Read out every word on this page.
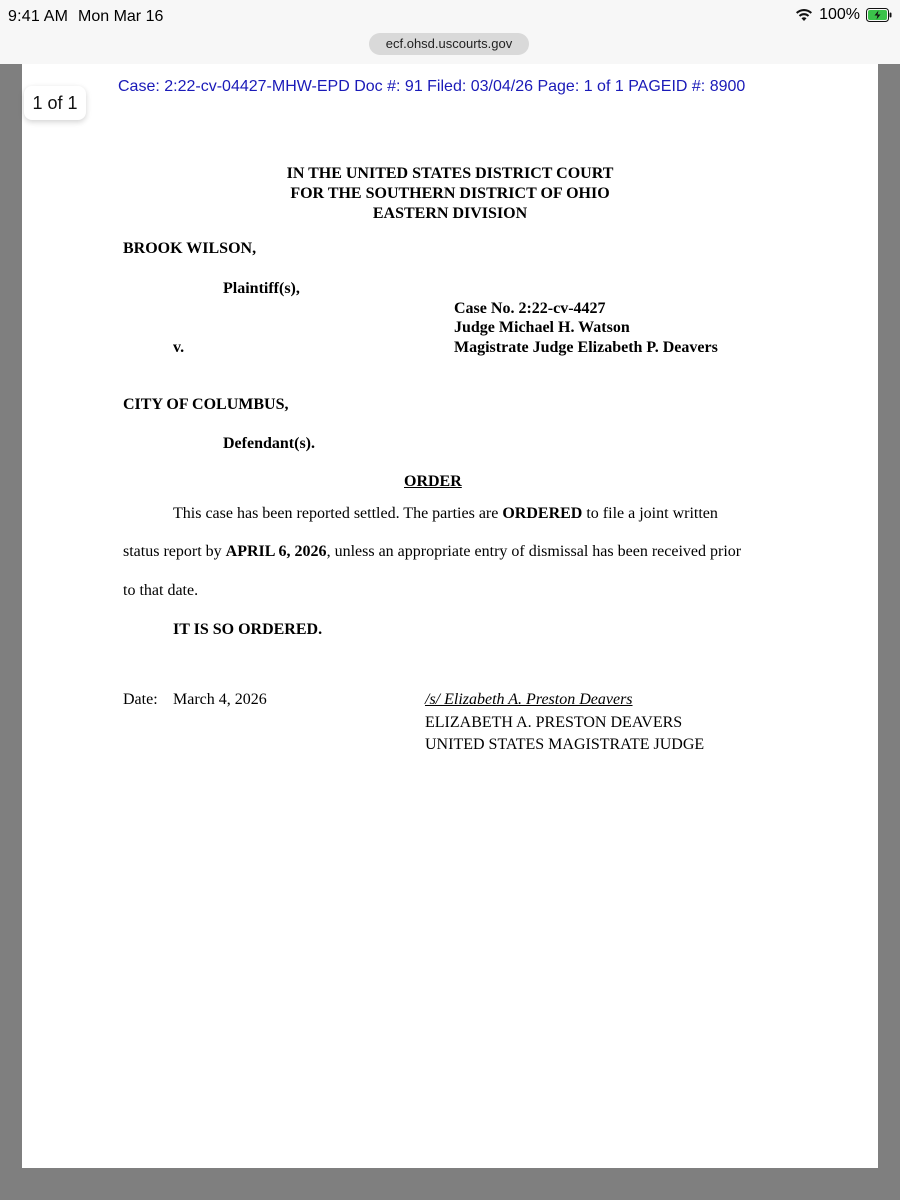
9:41 AM Mon Mar 16	100%
ecf.ohsd.uscourts.gov
1 of 1
Case: 2:22-cv-04427-MHW-EPD Doc #: 91 Filed: 03/04/26 Page: 1 of 1 PAGEID #: 8900
IN THE UNITED STATES DISTRICT COURT
FOR THE SOUTHERN DISTRICT OF OHIO
EASTERN DIVISION
BROOK WILSON,
Plaintiff(s),
Case No. 2:22-cv-4427
Judge Michael H. Watson
Magistrate Judge Elizabeth P. Deavers
v.
CITY OF COLUMBUS,
Defendant(s).
ORDER
This case has been reported settled. The parties are ORDERED to file a joint written
status report by APRIL 6, 2026, unless an appropriate entry of dismissal has been received prior
to that date.
IT IS SO ORDERED.
Date: March 4, 2026	/s/ Elizabeth A. Preston Deavers
ELIZABETH A. PRESTON DEAVERS
UNITED STATES MAGISTRATE JUDGE
